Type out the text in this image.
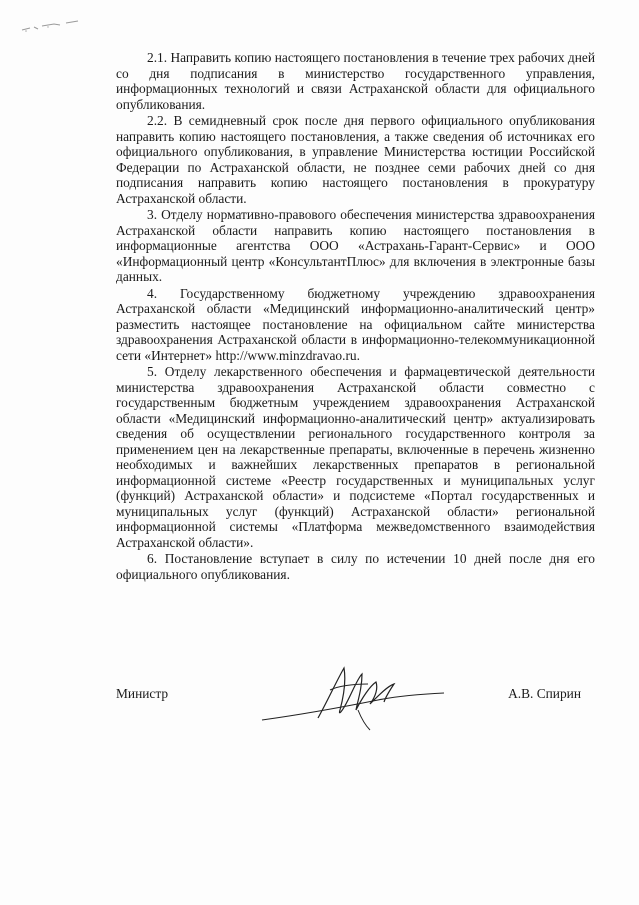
2.1. Направить копию настоящего постановления в течение трех рабочих дней со дня подписания в министерство государственного управления, информационных технологий и связи Астраханской области для официального опубликования.

2.2. В семидневный срок после дня первого официального опубликования направить копию настоящего постановления, а также сведения об источниках его официального опубликования, в управление Министерства юстиции Российской Федерации по Астраханской области, не позднее семи рабочих дней со дня подписания направить копию настоящего постановления в прокуратуру Астраханской области.

3. Отделу нормативно-правового обеспечения министерства здравоохранения Астраханской области направить копию настоящего постановления в информационные агентства ООО «Астрахань-Гарант-Сервис» и ООО «Информационный центр «КонсультантПлюс» для включения в электронные базы данных.

4. Государственному бюджетному учреждению здравоохранения Астраханской области «Медицинский информационно-аналитический центр» разместить настоящее постановление на официальном сайте министерства здравоохранения Астраханской области в информационно-телекоммуникационной сети «Интернет» http://www.minzdravao.ru.

5. Отделу лекарственного обеспечения и фармацевтической деятельности министерства здравоохранения Астраханской области совместно с государственным бюджетным учреждением здравоохранения Астраханской области «Медицинский информационно-аналитический центр» актуализировать сведения об осуществлении регионального государственного контроля за применением цен на лекарственные препараты, включенные в перечень жизненно необходимых и важнейших лекарственных препаратов в региональной информационной системе «Реестр государственных и муниципальных услуг (функций) Астраханской области» и подсистеме «Портал государственных и муниципальных услуг (функций) Астраханской области» региональной информационной системы «Платформа межведомственного взаимодействия Астраханской области».

6. Постановление вступает в силу по истечении 10 дней после дня его официального опубликования.

Министр	А.В. Спирин
